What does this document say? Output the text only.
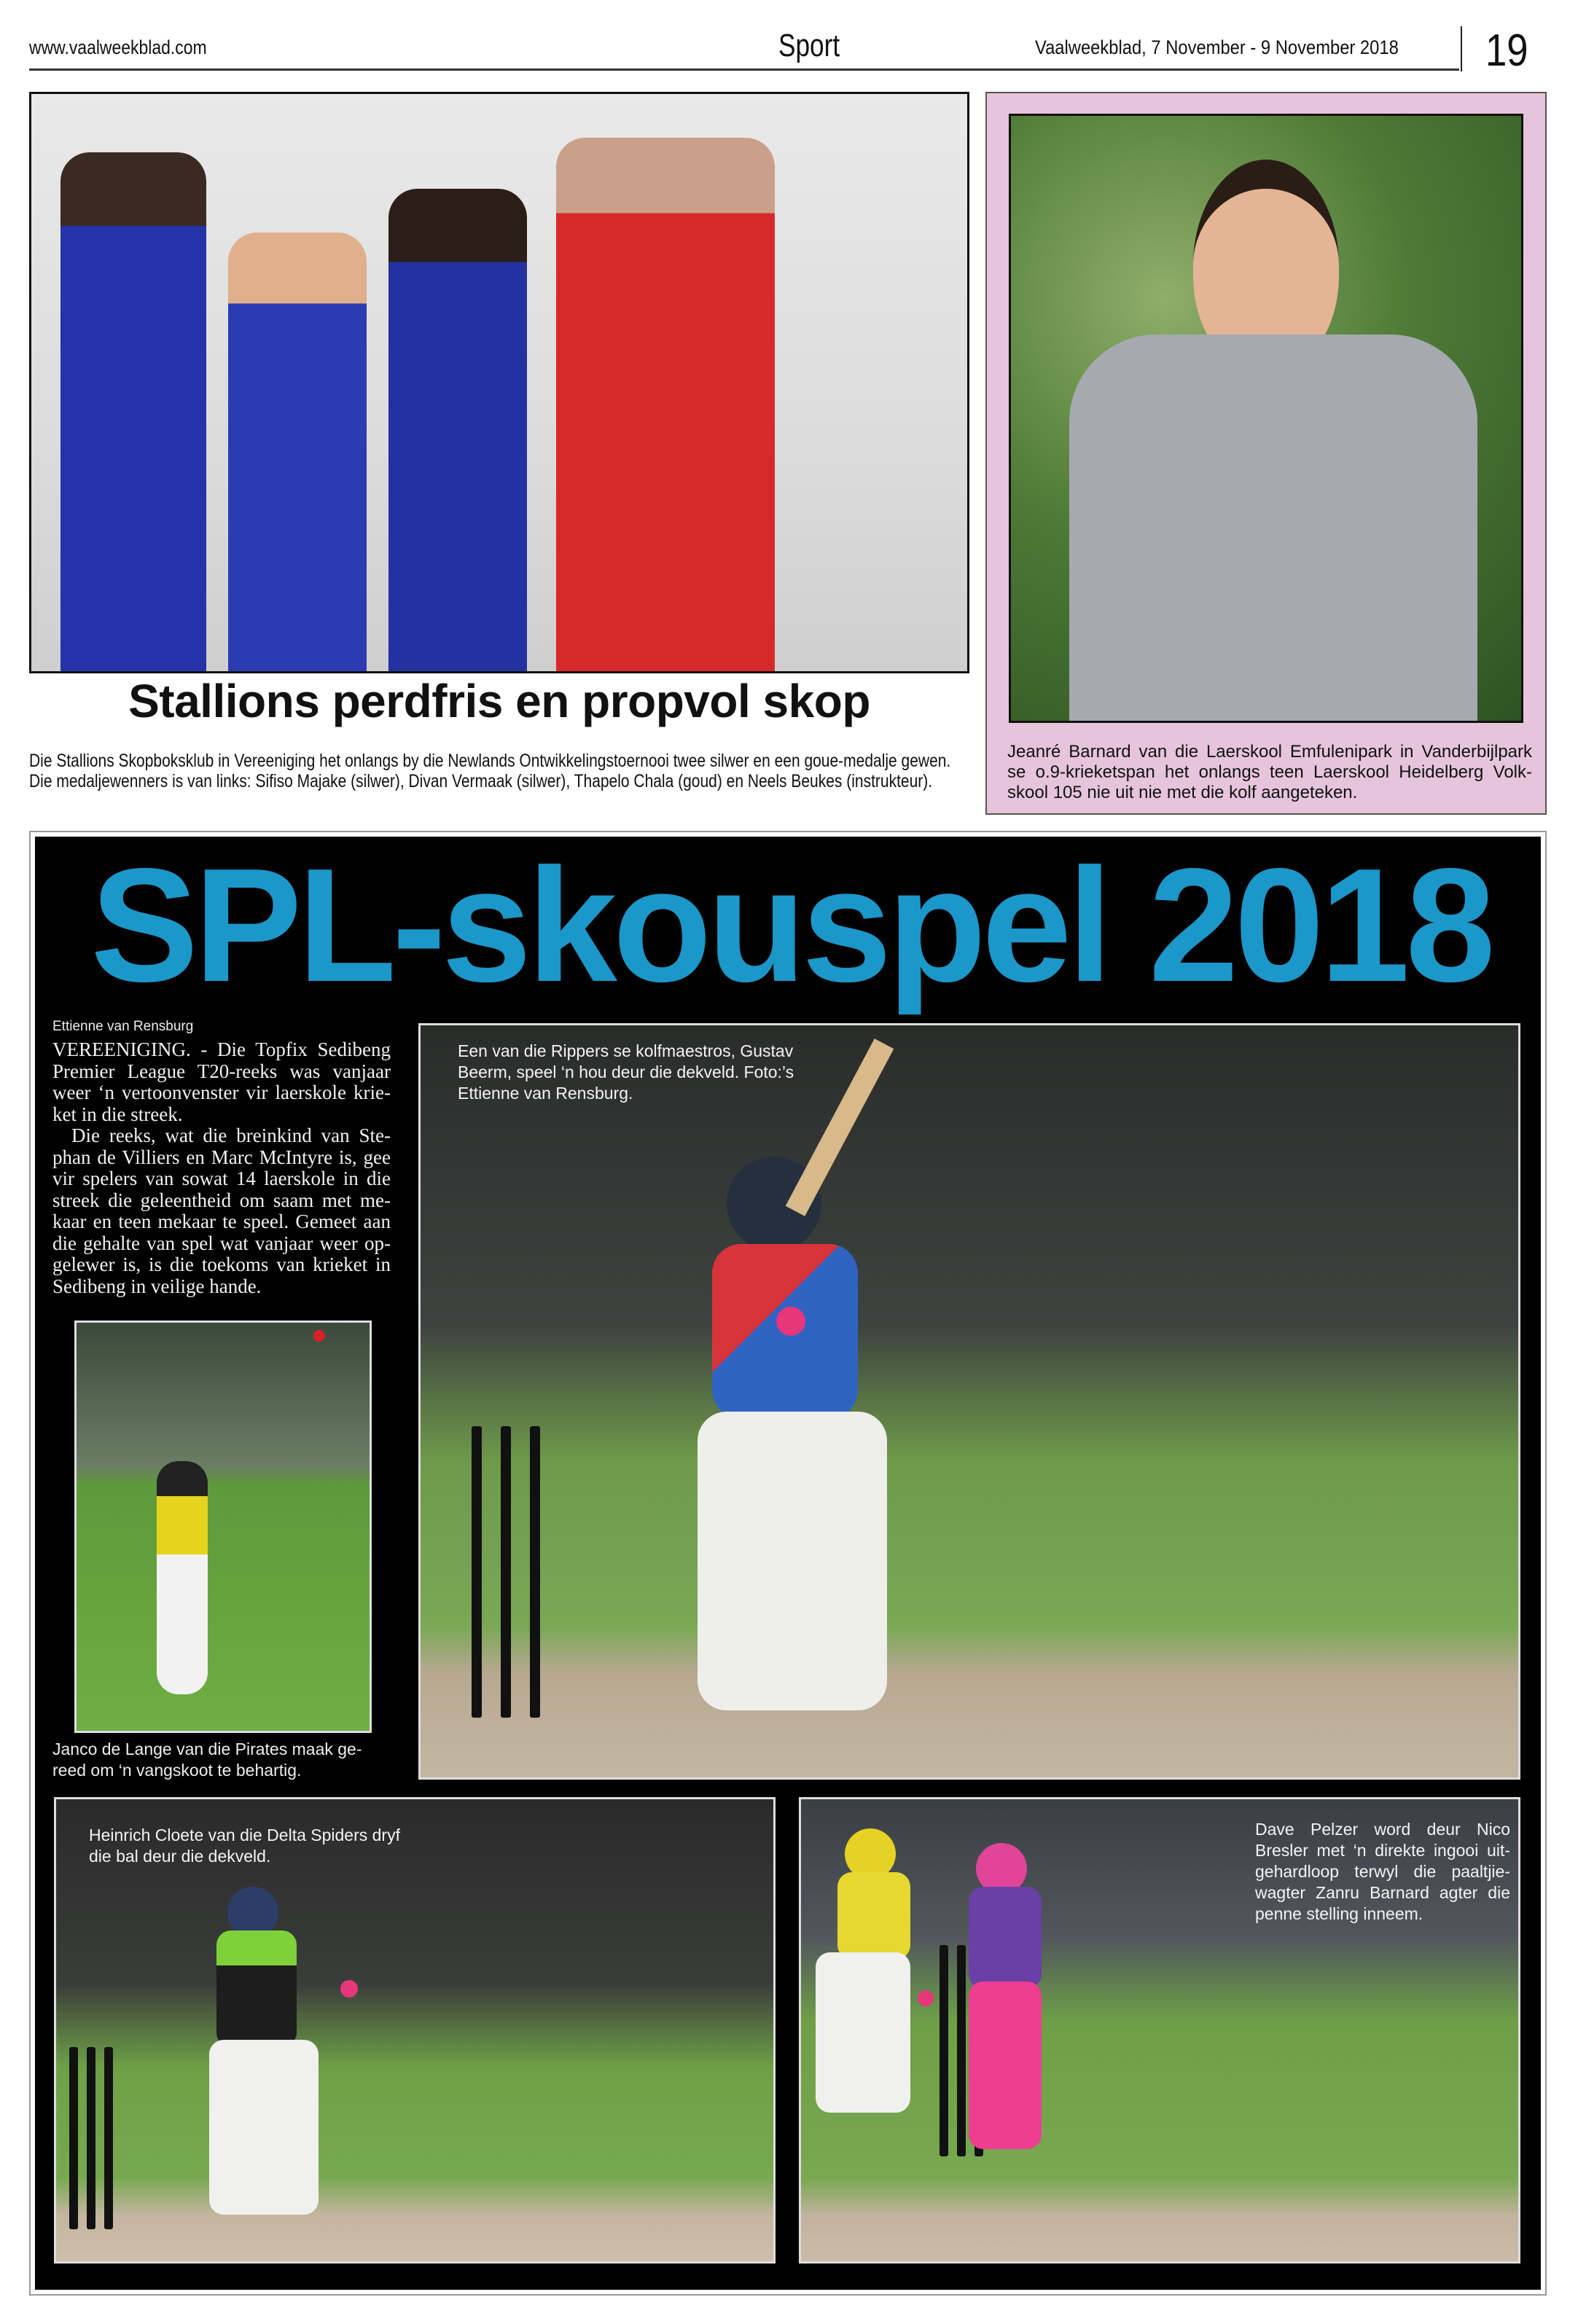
www.vaalweekblad.com	Sport	Vaalweekblad, 7 November - 9 November 2018 19
Stallions perdfris en propvol skop
Die Stallions Skopboksklub in Vereeniging het onlangs by die Newlands Ontwikkelingstoernooi twee silwer en een goue-medalje gewen. Die medaljewenners is van links: Sifiso Majake (silwer), Divan Vermaak (silwer), Thapelo Chala (goud) en Neels Beukes (instrukteur).
Jeanré Barnard van die Laerskool Emfulenipark in Vanderbijlpark se o.9-krieketspan het onlangs teen Laerskool Heidelberg Volk-skool 105 nie uit nie met die kolf aangeteken.
SPL-skouspel 2018
Ettienne van Rensburg

VEREENIGING. - Die Topfix Sedibeng Premier League T20-reeks was vanjaar weer ‘n vertoonvenster vir laerskole krie-ket in die streek.

Die reeks, wat die breinkind van Ste-phan de Villiers en Marc McIntyre is, gee vir spelers van sowat 14 laerskole in die streek die geleentheid om saam met me-kaar en teen mekaar te speel. Gemeet aan die gehalte van spel wat vanjaar weer op-gelewer is, is die toekoms van krieket in Sedibeng in veilige hande.

Janco de Lange van die Pirates maak ge-reed om ‘n vangskoot te behartig.
Een van die Rippers se kolfmaestros, Gustav Beerm, speel ‘n hou deur die dekveld. Foto:’s Ettienne van Rensburg.
Heinrich Cloete van die Delta Spiders dryf die bal deur die dekveld.
Dave Pelzer word deur Nico Bresler met ‘n direkte ingooi uit-gehardloop terwyl die paaltjie-wagter Zanru Barnard agter die penne stelling inneem.
